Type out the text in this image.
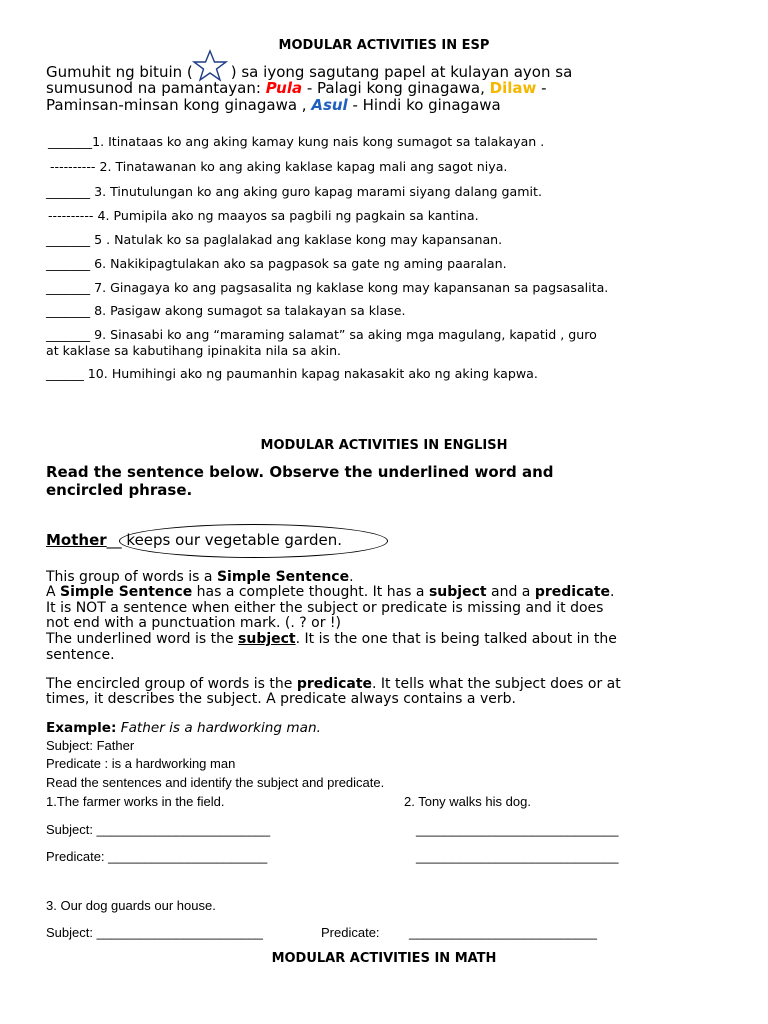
MODULAR ACTIVITIES IN ESP
Gumuhit ng bituin (	) sa iyong sagutang papel at kulayan ayon sa
sumusunod na pamantayan: Pula - Palagi kong ginagawa, Dilaw -
Paminsan-minsan kong ginagawa , Asul - Hindi ko ginagawa
_______1. Itinataas ko ang aking kamay kung nais kong sumagot sa talakayan .
---------- 2. Tinatawanan ko ang aking kaklase kapag mali ang sagot niya.
_______ 3. Tinutulungan ko ang aking guro kapag marami siyang dalang gamit.
---------- 4. Pumipila ako ng maayos sa pagbili ng pagkain sa kantina.
_______ 5 . Natulak ko sa paglalakad ang kaklase kong may kapansanan.
_______ 6. Nakikipagtulakan ako sa pagpasok sa gate ng aming paaralan.
_______ 7. Ginagaya ko ang pagsasalita ng kaklase kong may kapansanan sa pagsasalita.
_______ 8. Pasigaw akong sumagot sa talakayan sa klase.
_______ 9. Sinasabi ko ang “maraming salamat” sa aking mga magulang, kapatid , guro
at kaklase sa kabutihang ipinakita nila sa akin.
______ 10. Humihingi ako ng paumanhin kapag nakasakit ako ng aking kapwa.
MODULAR ACTIVITIES IN ENGLISH
Read the sentence below. Observe the underlined word and
encircled phrase.
Mother__ keeps our vegetable garden.
This group of words is a Simple Sentence.
A Simple Sentence has a complete thought. It has a subject and a predicate.
It is NOT a sentence when either the subject or predicate is missing and it does
not end with a punctuation mark. (. ? or !)
The underlined word is the subject. It is the one that is being talked about in the
sentence.
The encircled group of words is the predicate. It tells what the subject does or at
times, it describes the subject. A predicate always contains a verb.
Example: Father is a hardworking man.
Subject: Father
Predicate : is a hardworking man
Read the sentences and identify the subject and predicate.
1.The farmer works in the field.	2. Tony walks his dog.
Subject: ________________________	____________________________
Predicate: ______________________	____________________________
3. Our dog guards our house.
Subject: _______________________	Predicate: __________________________
MODULAR ACTIVITIES IN MATH
